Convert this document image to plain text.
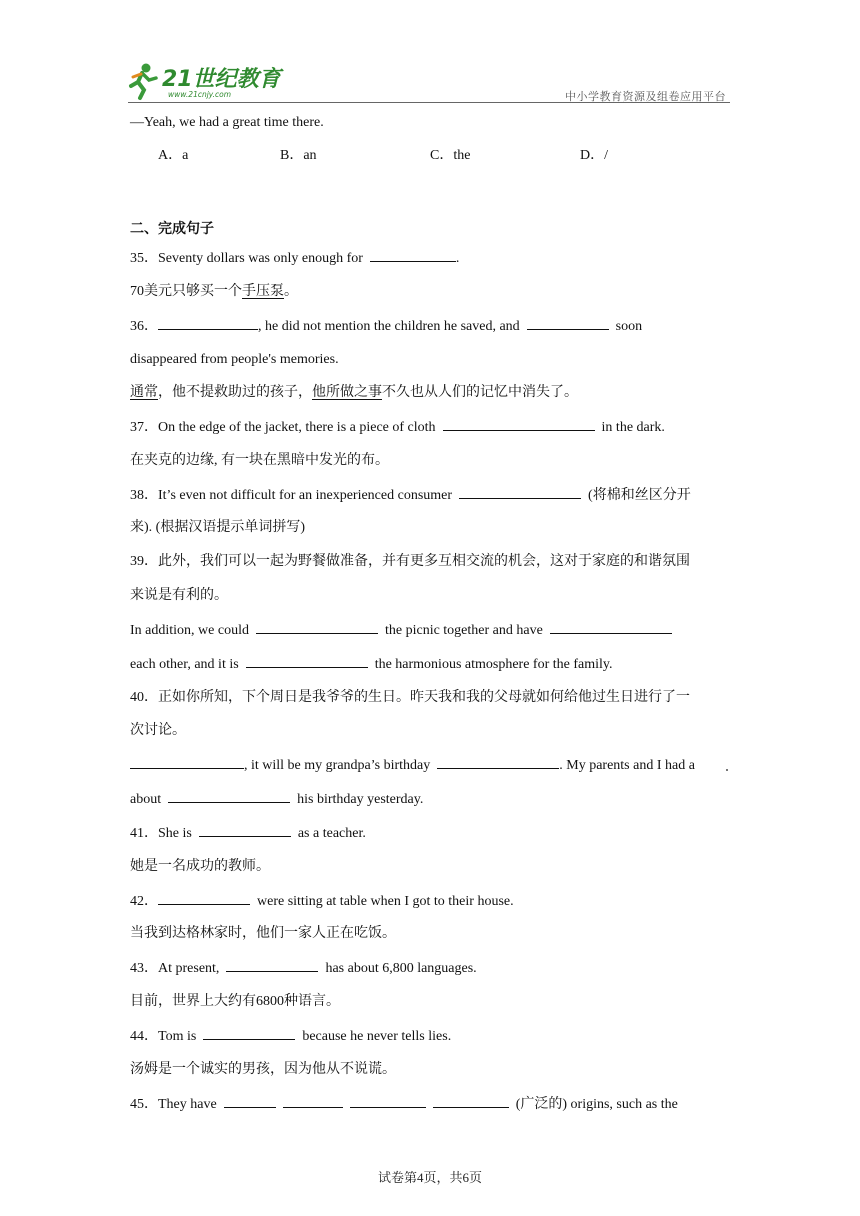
21世纪教育
www.21cnjy.com	中小学教育资源及组卷应用平台
—Yeah, we had a great time there.
A．a	B．an	C．the	D．/
二、完成句子
35．Seventy dollars was only enough for	.
70美元只够买一个手压泵。
36．	, he did not mention the children he saved, and	soon
disappeared from people's memories.
通常，他不提救助过的孩子，他所做之事不久也从人们的记忆中消失了。
37．On the edge of the jacket, there is a piece of cloth	in the dark.
在夹克的边缘, 有一块在黑暗中发光的布。
38．It’s even not difficult for an inexperienced consumer	(将棉和丝区分开
来). (根据汉语提示单词拼写)
39．此外，我们可以一起为野餐做准备，并有更多互相交流的机会，这对于家庭的和谐氛围
来说是有利的。
In addition, we could	the picnic together and have
each other, and it is	the harmonious atmosphere for the family.
40．正如你所知，下个周日是我爷爷的生日。昨天我和我的父母就如何给他过生日进行了一
次讨论。
, it will be my grandpa’s birthday	. My parents and I had a
about	his birthday yesterday.
41．She is	as a teacher.
她是一名成功的教师。
42．	were sitting at table when I got to their house.
当我到达格林家时，他们一家人正在吃饭。
43．At present,	has about 6,800 languages.
目前，世界上大约有6800种语言。
44．Tom is	because he never tells lies.
汤姆是一个诚实的男孩，因为他从不说谎。
45．They have	(广泛的) origins, such as the
试卷第4页，共6页
